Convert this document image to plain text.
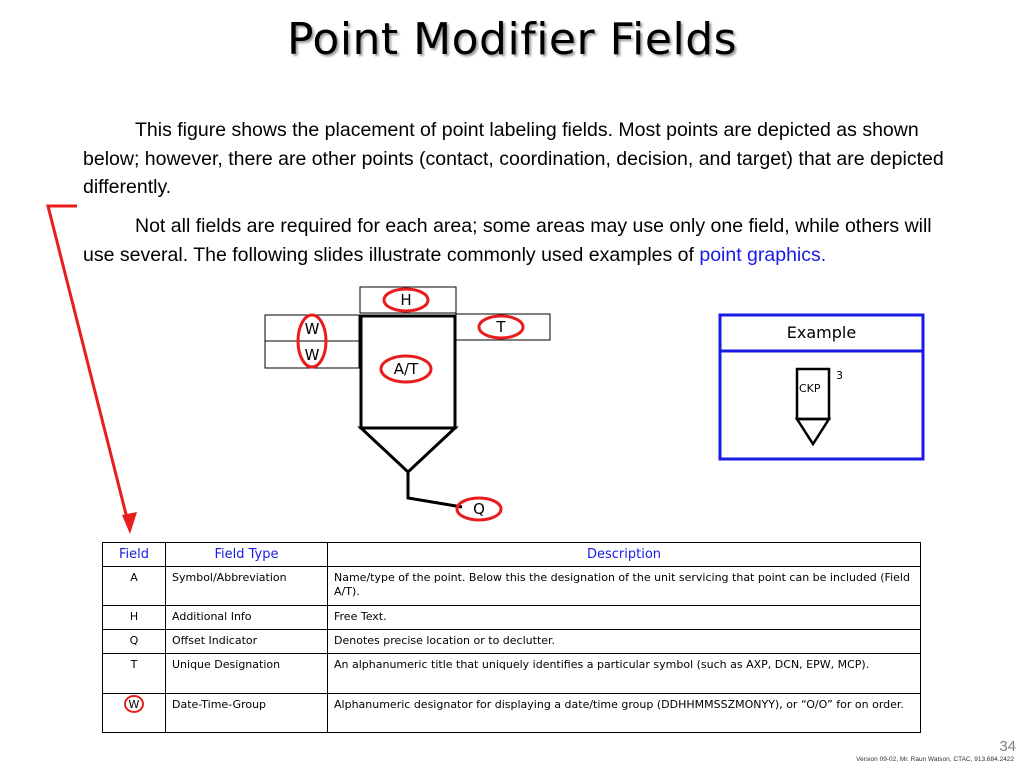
Point Modifier Fields

This figure shows the placement of point labeling fields. Most points are depicted as shown below; however, there are other points (contact, coordination, decision, and target) that are depicted differently.

Not all fields are required for each area; some areas may use only one field, while others will use several. The following slides illustrate commonly used examples of point graphics.

H
W
W
T
A/T
Q
Example
CKP
3
Field	Field Type	Description
A	Symbol/Abbreviation	Name/type of the point. Below this the designation of the unit servicing that point can be included (Field A/T).
H	Additional Info	Free Text.
Q	Offset Indicator	Denotes precise location or to declutter.
T	Unique Designation	An alphanumeric title that uniquely identifies a particular symbol (such as AXP, DCN, EPW, MCP).
W	Date-Time-Group	Alphanumeric designator for displaying a date/time group (DDHHMMSSZMONYY), or “O/O” for on order.
34
Version 09-02, Mr. Raun Watson, CTAC, 913.684.2422
